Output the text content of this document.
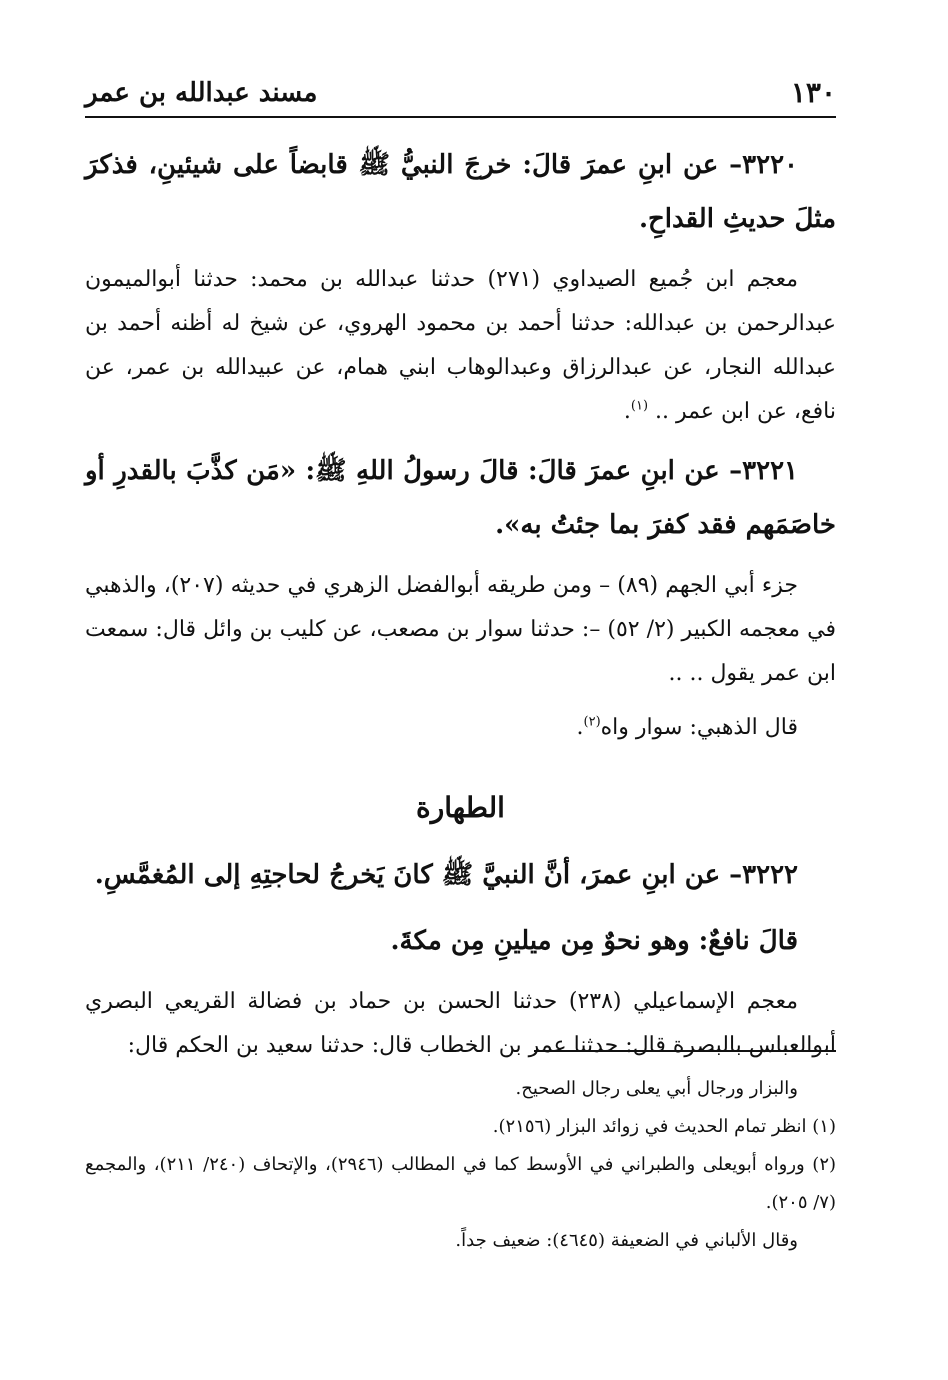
١٣٠
مسند عبدالله بن عمر

٣٢٢٠– عن ابنِ عمرَ قالَ: خرجَ النبيُّ ﷺ قابضاً على شيئينِ، فذكرَ مثلَ حديثِ القداحِ.

معجم ابن جُميع الصيداوي (٢٧١) حدثنا عبدالله بن محمد: حدثنا أبوالميمون عبدالرحمن بن عبدالله: حدثنا أحمد بن محمود الهروي، عن شيخ له أظنه أحمد بن عبدالله النجار، عن عبدالرزاق وعبدالوهاب ابني همام، عن عبيدالله بن عمر، عن نافع، عن ابن عمر .. $^{(١)}$.

٣٢٢١– عن ابنِ عمرَ قالَ: قالَ رسولُ اللهِ ﷺ: «مَن كذَّبَ بالقدرِ أو خاصَمَهم فقد كفرَ بما جئتُ به».

جزء أبي الجهم (٨٩) – ومن طريقه أبوالفضل الزهري في حديثه (٢٠٧)، والذهبي في معجمه الكبير (٢/ ٥٢) –: حدثنا سوار بن مصعب، عن كليب بن وائل قال: سمعت ابن عمر يقول .. ..

قال الذهبي: سوار واه$^{(٢)}$.

الطهارة

٣٢٢٢– عن ابنِ عمرَ، أنَّ النبيَّ ﷺ كانَ يَخرجُ لحاجتِهِ إلى المُغمَّسِ.

قالَ نافعٌ: وهو نحوٌ مِن ميلينِ مِن مكةَ.

معجم الإسماعيلي (٢٣٨) حدثنا الحسن بن حماد بن فضالة القريعي البصري أبوالعباس بالبصرة قال: حدثنا عمر بن الخطاب قال: حدثنا سعيد بن الحكم قال:

والبزار ورجال أبي يعلى رجال الصحيح.

(١) انظر تمام الحديث في زوائد البزار (٢١٥٦).

(٢) ورواه أبويعلى والطبراني في الأوسط كما في المطالب (٢٩٤٦)، والإتحاف (٢٤٠/ ٢١١)، والمجمع (٧/ ٢٠٥).

وقال الألباني في الضعيفة (٤٦٤٥): ضعيف جداً.
